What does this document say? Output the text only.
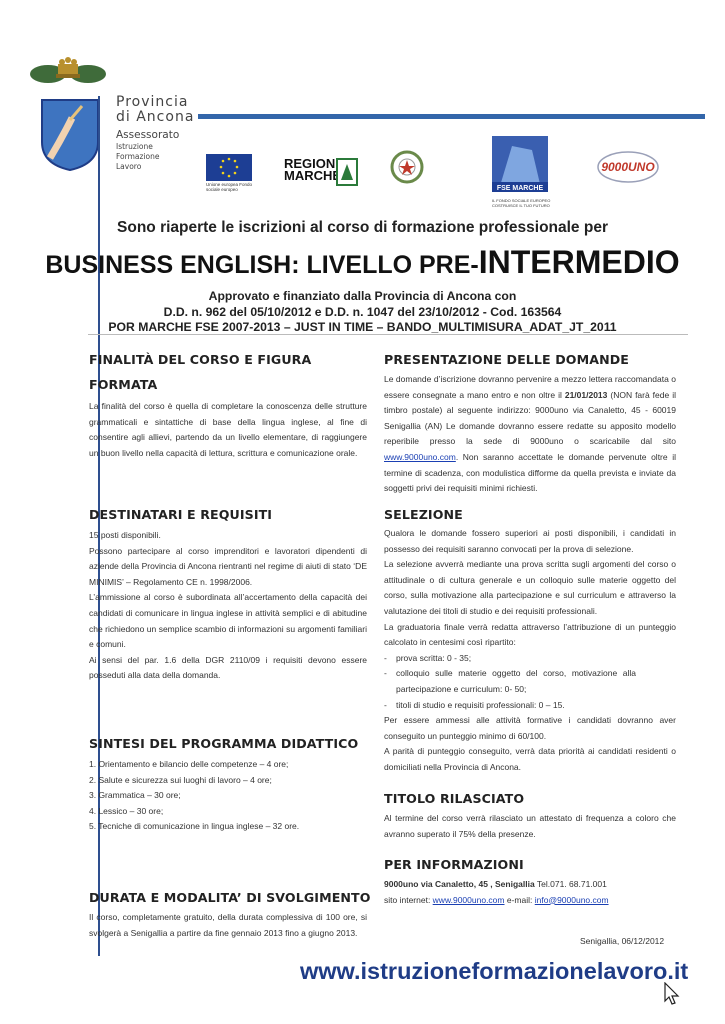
Provincia
di Ancona
Assessorato
Istruzione
Formazione
Lavoro
Unione europea Fondo sociale europeo
REGIONE
MARCHE
FSE MARCHE
IL FONDO SOCIALE EUROPEO COSTRUISCE IL TUO FUTURO
9000UNO
Sono riaperte le iscrizioni al corso di formazione professionale per
BUSINESS ENGLISH: LIVELLO PRE-INTERMEDIO
Approvato e finanziato dalla Provincia di Ancona con
D.D. n. 962 del 05/10/2012 e D.D. n. 1047 del 23/10/2012 - Cod. 163564
POR MARCHE FSE 2007-2013 – JUST IN TIME – BANDO_MULTIMISURA_ADAT_JT_2011
FINALITÀ DEL CORSO E FIGURA
FORMATA
La finalità del corso è quella di completare la conoscenza delle strutture grammaticali e sintattiche di base della lingua inglese, al fine di consentire agli allievi, partendo da un livello elementare, di raggiungere un buon livello nella capacità di lettura, scrittura e comunicazione orale.
DESTINATARI E REQUISITI
15 posti disponibili.
Possono partecipare al corso imprenditori e lavoratori dipendenti di aziende della Provincia di Ancona rientranti nel regime di aiuti di stato ‘DE MINIMIS’ – Regolamento CE n. 1998/2006.
L’ammissione al corso è subordinata all’accertamento della capacità dei candidati di comunicare in lingua inglese in attività semplici e di abitudine che richiedono un semplice scambio di informazioni su argomenti familiari e comuni.
Ai sensi del par. 1.6 della DGR 2110/09 i requisiti devono essere posseduti alla data della domanda.
SINTESI DEL PROGRAMMA DIDATTICO
1. Orientamento e bilancio delle competenze – 4 ore;
2. Salute e sicurezza sui luoghi di lavoro – 4 ore;
3. Grammatica – 30 ore;
4. Lessico – 30 ore;
5. Tecniche di comunicazione in lingua inglese – 32 ore.
DURATA E MODALITA’ DI SVOLGIMENTO
Il corso, completamente gratuito, della durata complessiva di 100 ore, si svolgerà a Senigallia a partire da fine gennaio 2013 fino a giugno 2013.
PRESENTAZIONE DELLE DOMANDE
Le domande d’iscrizione dovranno pervenire a mezzo lettera raccomandata o essere consegnate a mano entro e non oltre il 21/01/2013 (NON farà fede il timbro postale) al seguente indirizzo: 9000uno via Canaletto, 45 - 60019 Senigallia (AN) Le domande dovranno essere redatte su apposito modello reperibile presso la sede di 9000uno o scaricabile dal sito www.9000uno.com. Non saranno accettate le domande pervenute oltre il termine di scadenza, con modulistica difforme da quella prevista e inviate da soggetti privi dei requisiti minimi richiesti.
SELEZIONE
Qualora le domande fossero superiori ai posti disponibili, i candidati in possesso dei requisiti saranno convocati per la prova di selezione.
La selezione avverrà mediante una prova scritta sugli argomenti del corso o attitudinale o di cultura generale e un colloquio sulle materie oggetto del corso, sulla motivazione alla partecipazione e sul curriculum e attraverso la valutazione dei titoli di studio e dei requisiti professionali.
La graduatoria finale verrà redatta attraverso l’attribuzione di un punteggio calcolato in centesimi così ripartito:
-	prova scritta: 0 - 35;
-	colloquio sulle materie oggetto del corso, motivazione alla partecipazione e curriculum: 0- 50;
-	titoli di studio e requisiti professionali: 0 – 15.
Per essere ammessi alle attività formative i candidati dovranno aver conseguito un punteggio minimo di 60/100.
A parità di punteggio conseguito, verrà data priorità ai candidati residenti o domiciliati nella Provincia di Ancona.
TITOLO RILASCIATO
Al termine del corso verrà rilasciato un attestato di frequenza a coloro che avranno superato il 75% della presenze.
PER INFORMAZIONI
9000uno via Canaletto, 45 , Senigallia Tel.071. 68.71.001
sito internet: www.9000uno.com e-mail: info@9000uno.com
Senigallia, 06/12/2012
www.istruzioneformazionelavoro.it
